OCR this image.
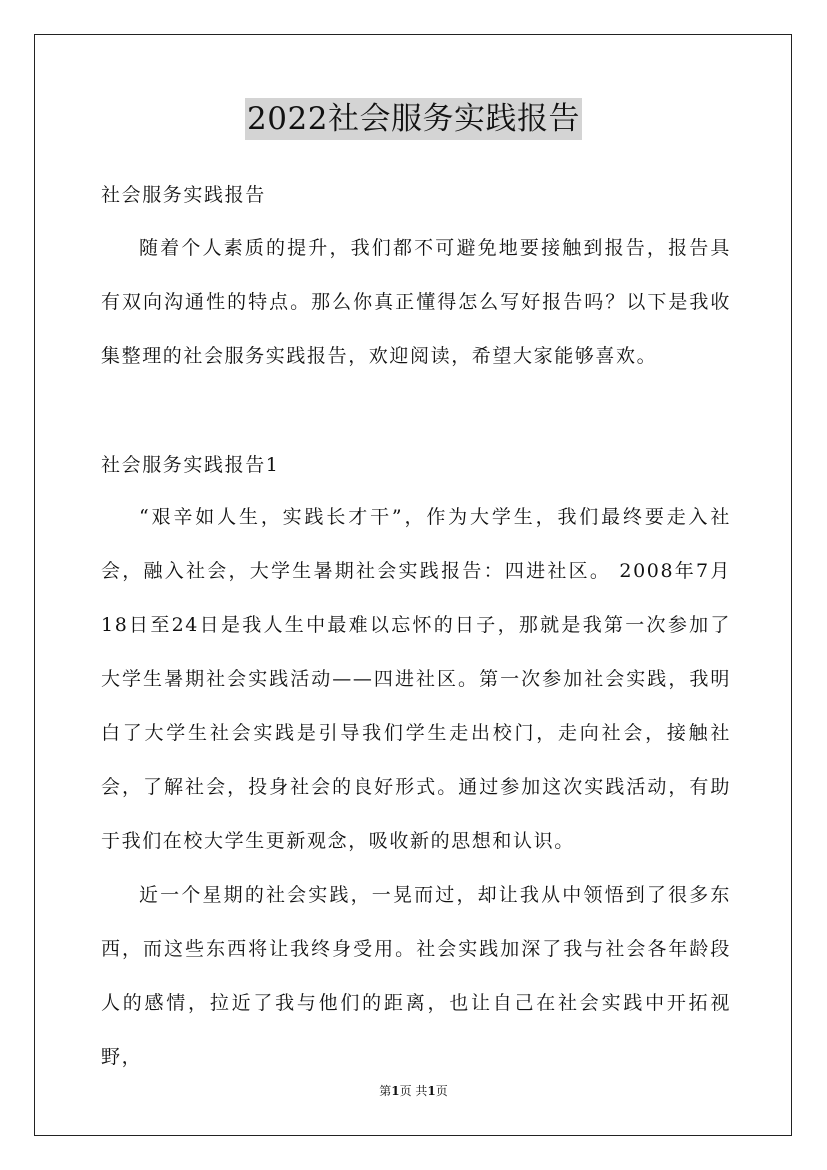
2022社会服务实践报告

社会服务实践报告

随着个人素质的提升，我们都不可避免地要接触到报告，报告具有双向沟通性的特点。那么你真正懂得怎么写好报告吗？以下是我收集整理的社会服务实践报告，欢迎阅读，希望大家能够喜欢。

社会服务实践报告1

“艰辛如人生，实践长才干”，作为大学生，我们最终要走入社会，融入社会，大学生暑期社会实践报告：四进社区。 2008年7月18日至24日是我人生中最难以忘怀的日子，那就是我第一次参加了大学生暑期社会实践活动——四进社区。第一次参加社会实践，我明白了大学生社会实践是引导我们学生走出校门，走向社会，接触社会，了解社会，投身社会的良好形式。通过参加这次实践活动，有助于我们在校大学生更新观念，吸收新的思想和认识。

近一个星期的社会实践，一晃而过，却让我从中领悟到了很多东西，而这些东西将让我终身受用。社会实践加深了我与社会各年龄段人的感情，拉近了我与他们的距离，也让自己在社会实践中开拓视野，

第1页 共1页
